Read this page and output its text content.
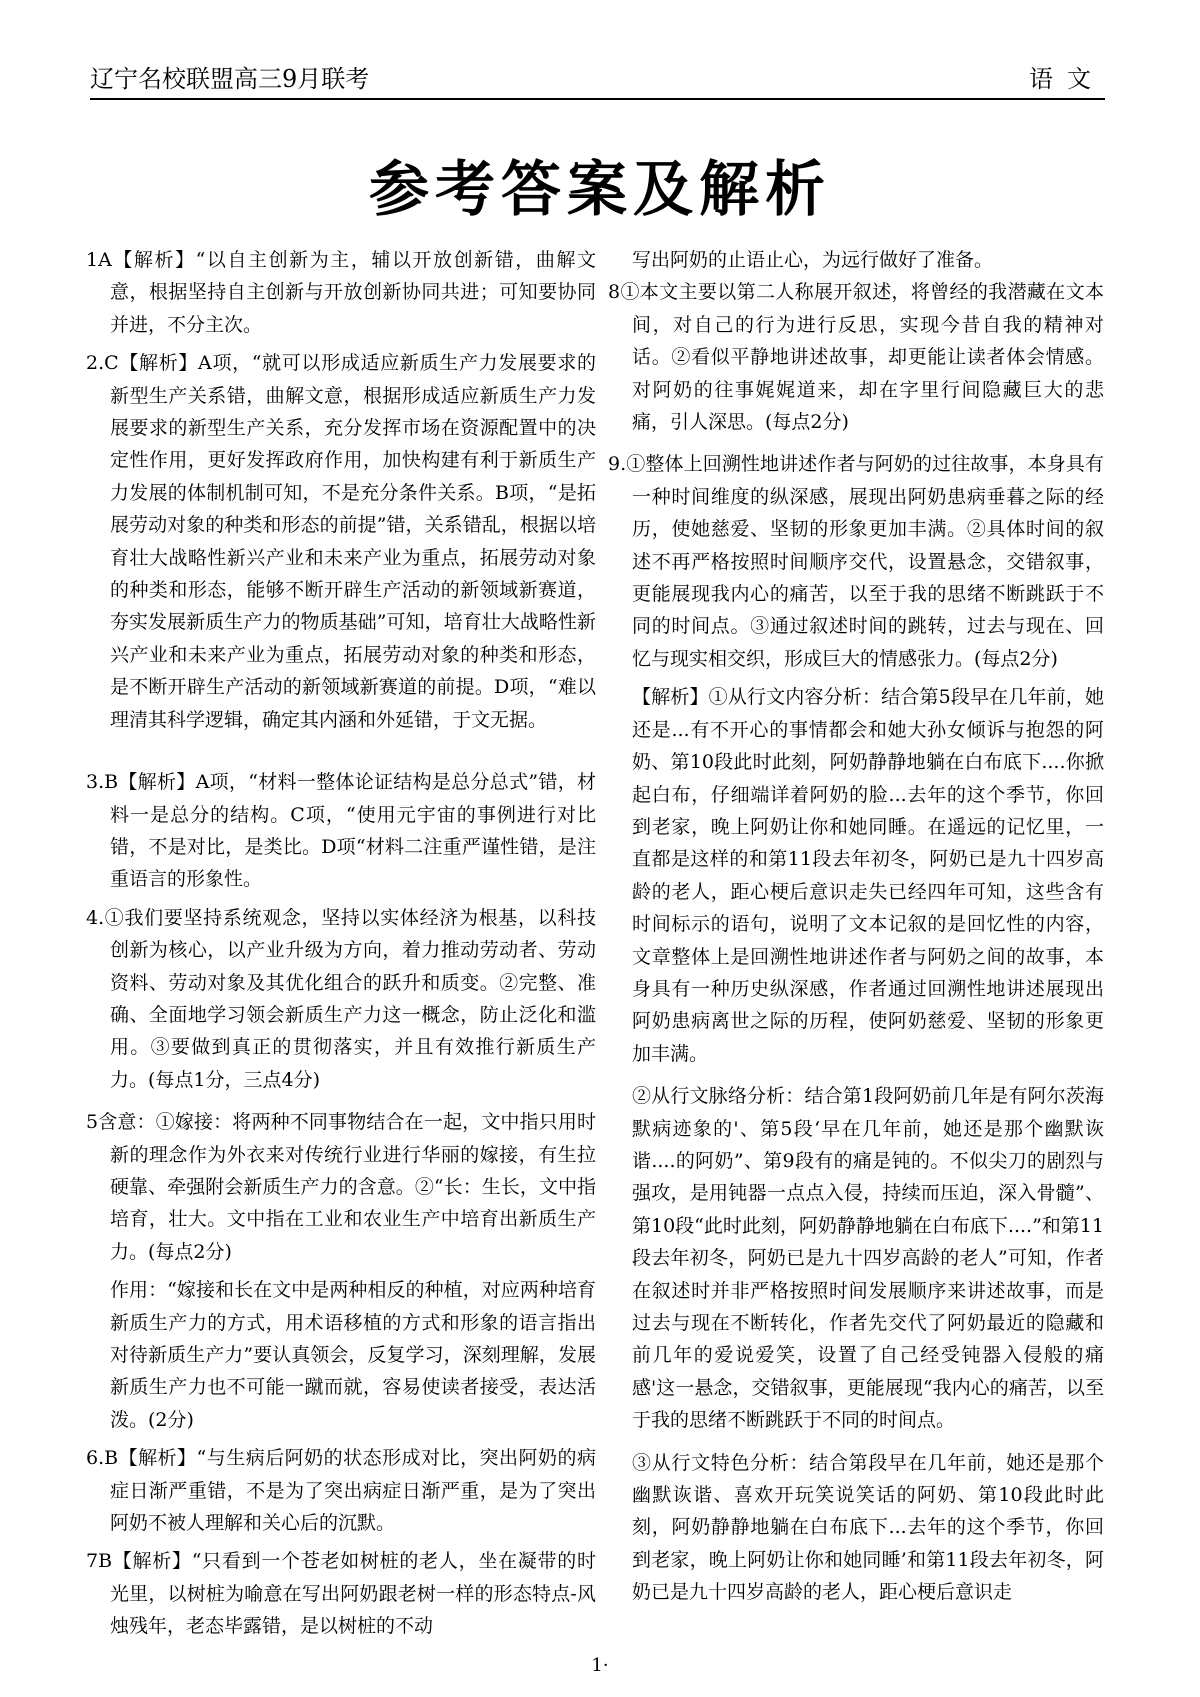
辽宁名校联盟高三9月联考	语文
参考答案及解析

1A【解析】“以自主创新为主，辅以开放创新错，曲解文意，根据坚持自主创新与开放创新协同共进；可知要协同并进，不分主次。

2.C【解析】A项，“就可以形成适应新质生产力发展要求的新型生产关系错，曲解文意，根据形成适应新质生产力发展要求的新型生产关系，充分发挥市场在资源配置中的决定性作用，更好发挥政府作用，加快构建有利于新质生产力发展的体制机制可知，不是充分条件关系。B项，“是拓展劳动对象的种类和形态的前提”错，关系错乱，根据以培育壮大战略性新兴产业和未来产业为重点，拓展劳动对象的种类和形态，能够不断开辟生产活动的新领域新赛道，夯实发展新质生产力的物质基础”可知，培育壮大战略性新兴产业和未来产业为重点，拓展劳动对象的种类和形态，是不断开辟生产活动的新领域新赛道的前提。D项，“难以理清其科学逻辑，确定其内涵和外延错，于文无据。

3.B【解析】A项，“材料一整体论证结构是总分总式”错，材料一是总分的结构。C项，“使用元宇宙的事例进行对比错，不是对比，是类比。D项“材料二注重严谨性错，是注重语言的形象性。

4.①我们要坚持系统观念，坚持以实体经济为根基，以科技创新为核心，以产业升级为方向，着力推动劳动者、劳动资料、劳动对象及其优化组合的跃升和质变。②完整、准确、全面地学习领会新质生产力这一概念，防止泛化和滥用。③要做到真正的贯彻落实，并且有效推行新质生产力。(每点1分，三点4分)

5含意：①嫁接：将两种不同事物结合在一起，文中指只用时新的理念作为外衣来对传统行业进行华丽的嫁接，有生拉硬靠、牵强附会新质生产力的含意。②“长：生长，文中指培育，壮大。文中指在工业和农业生产中培育出新质生产力。(每点2分)

作用：“嫁接和长在文中是两种相反的种植，对应两种培育新质生产力的方式，用术语移植的方式和形象的语言指出对待新质生产力”要认真领会，反复学习，深刻理解，发展新质生产力也不可能一蹴而就，容易使读者接受，表达活泼。(2分)

6.B【解析】“与生病后阿奶的状态形成对比，突出阿奶的病症日渐严重错，不是为了突出病症日渐严重，是为了突出阿奶不被人理解和关心后的沉默。

7B【解析】“只看到一个苍老如树桩的老人，坐在凝带的时光里，以树桩为喻意在写出阿奶跟老树一样的形态特点-风烛残年，老态毕露错，是以树桩的不动

写出阿奶的止语止心，为远行做好了准备。

8①本文主要以第二人称展开叙述，将曾经的我潜藏在文本间，对自己的行为进行反思，实现今昔自我的精神对话。②看似平静地讲述故事，却更能让读者体会情感。对阿奶的往事娓娓道来，却在字里行间隐藏巨大的悲痛，引人深思。(每点2分)

9.①整体上回溯性地讲述作者与阿奶的过往故事，本身具有一种时间维度的纵深感，展现出阿奶患病垂暮之际的经历，使她慈爱、坚韧的形象更加丰满。②具体时间的叙述不再严格按照时间顺序交代，设置悬念，交错叙事，更能展现我内心的痛苦，以至于我的思绪不断跳跃于不同的时间点。③通过叙述时间的跳转，过去与现在、回忆与现实相交织，形成巨大的情感张力。(每点2分)

【解析】①从行文内容分析：结合第5段早在几年前，她还是...有不开心的事情都会和她大孙女倾诉与抱怨的阿奶、第10段此时此刻，阿奶静静地躺在白布底下....你掀起白布，仔细端详着阿奶的脸...去年的这个季节，你回到老家，晚上阿奶让你和她同睡。在遥远的记忆里，一直都是这样的和第11段去年初冬，阿奶已是九十四岁高龄的老人，距心梗后意识走失已经四年可知，这些含有时间标示的语句，说明了文本记叙的是回忆性的内容，文章整体上是回溯性地讲述作者与阿奶之间的故事，本身具有一种历史纵深感，作者通过回溯性地讲述展现出阿奶患病离世之际的历程，使阿奶慈爱、坚韧的形象更加丰满。

②从行文脉络分析：结合第1段阿奶前几年是有阿尔茨海默病迹象的'、第5段‘早在几年前，她还是那个幽默诙谐....的阿奶”、第9段有的痛是钝的。不似尖刀的剧烈与强攻，是用钝器一点点入侵，持续而压迫，深入骨髓”、第10段“此时此刻，阿奶静静地躺在白布底下....”和第11段去年初冬，阿奶已是九十四岁高龄的老人”可知，作者在叙述时并非严格按照时间发展顺序来讲述故事，而是过去与现在不断转化，作者先交代了阿奶最近的隐藏和前几年的爱说爱笑，设置了自己经受钝器入侵般的痛感'这一悬念，交错叙事，更能展现“我内心的痛苦，以至于我的思绪不断跳跃于不同的时间点。

③从行文特色分析：结合第段早在几年前，她还是那个幽默诙谐、喜欢开玩笑说笑话的阿奶、第10段此时此刻，阿奶静静地躺在白布底下...去年的这个季节，你回到老家，晚上阿奶让你和她同睡’和第11段去年初冬，阿奶已是九十四岁高龄的老人，距心梗后意识走

1·
